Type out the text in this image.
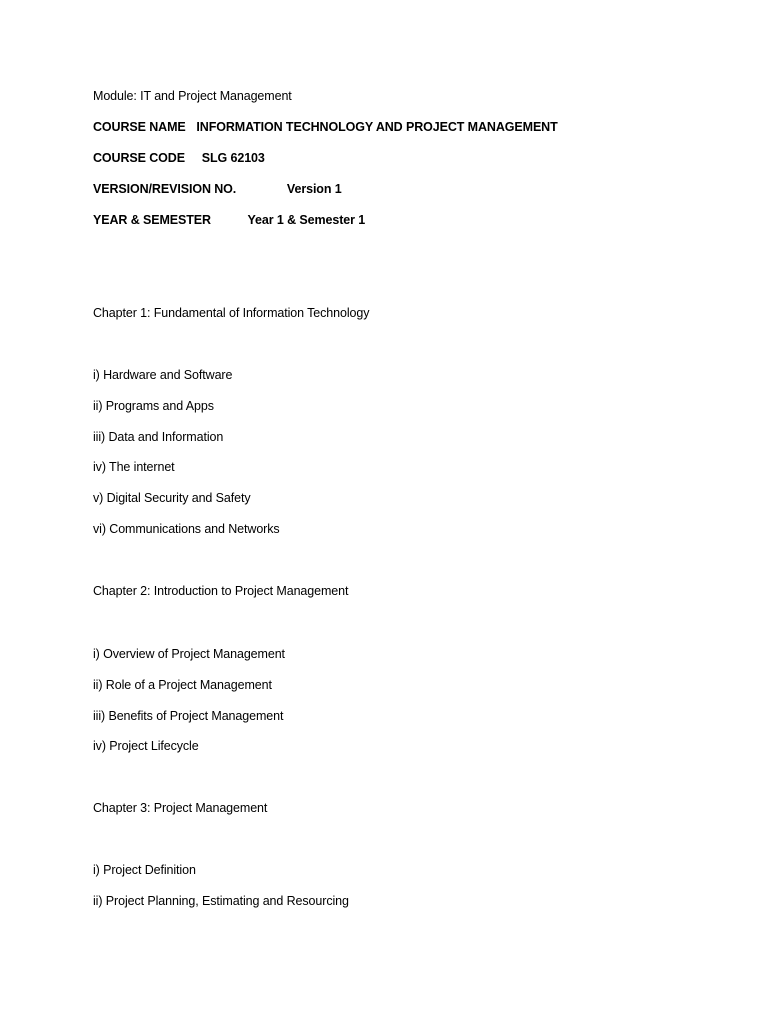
Module: IT and Project Management
COURSE NAME INFORMATION TECHNOLOGY AND PROJECT MANAGEMENT
COURSE CODE SLG 62103
VERSION/REVISION NO.	Version 1
YEAR & SEMESTER	Year 1 & Semester 1
Chapter 1: Fundamental of Information Technology
i) Hardware and Software
ii) Programs and Apps
iii) Data and Information
iv) The internet
v) Digital Security and Safety
vi) Communications and Networks
Chapter 2: Introduction to Project Management
i) Overview of Project Management
ii) Role of a Project Management
iii) Benefits of Project Management
iv) Project Lifecycle
Chapter 3: Project Management
i) Project Definition
ii) Project Planning, Estimating and Resourcing
